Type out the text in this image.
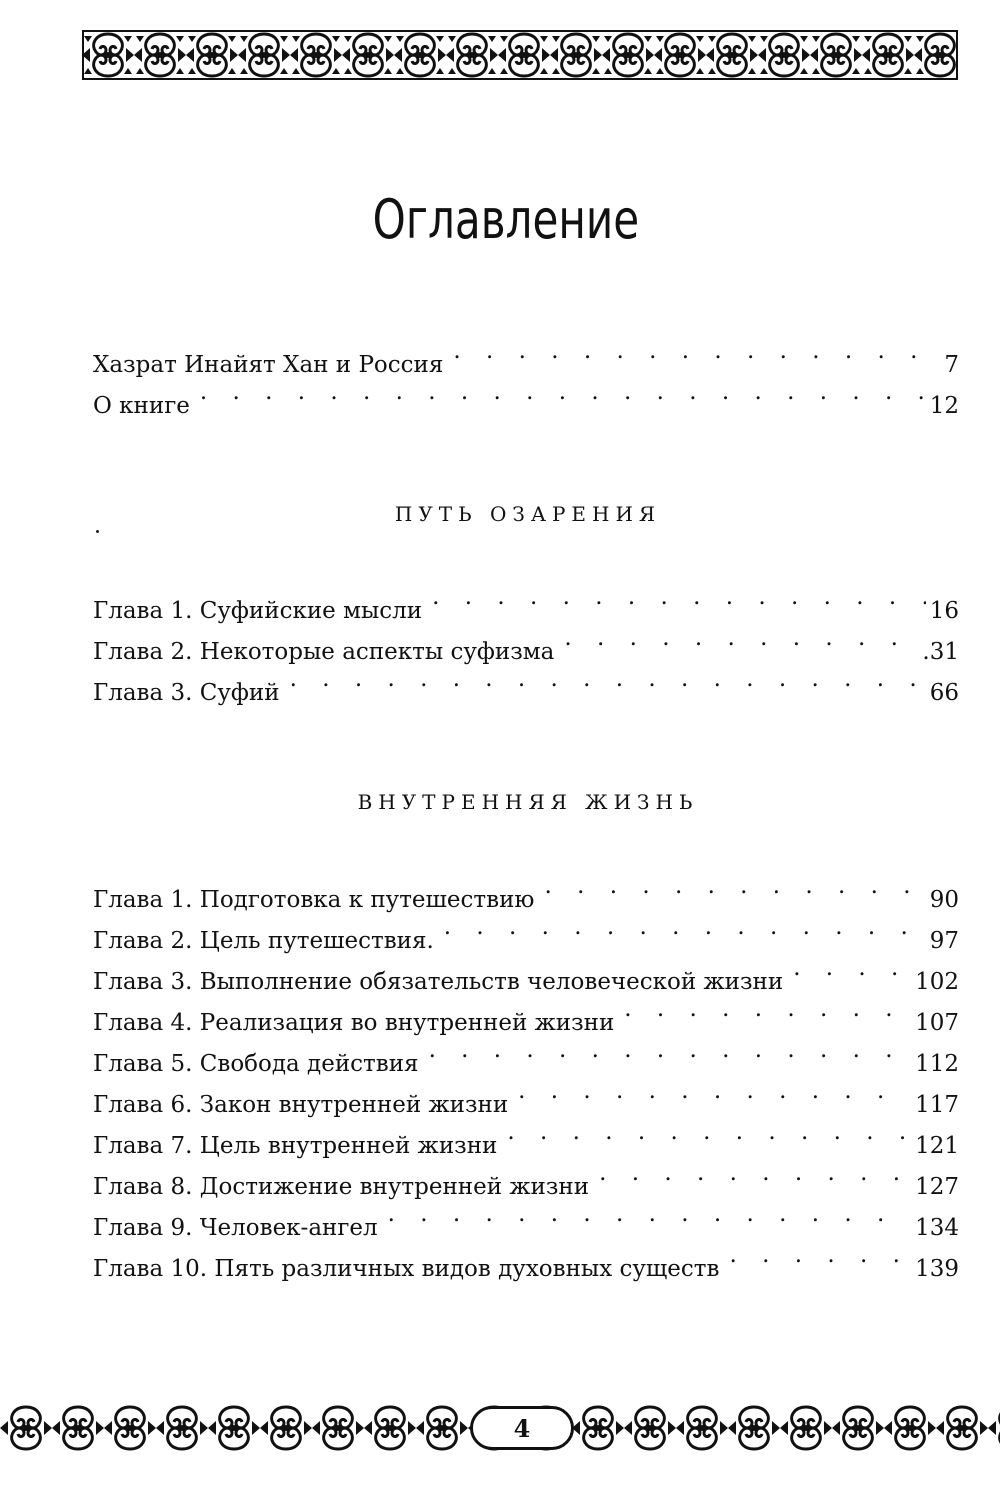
Оглавление
Хазрат Инайят Хан и Россия . . .	7
О книге . . .	12
ПУТЬ ОЗАРЕНИЯ
Глава 1. Суфийские мысли . . .	16
Глава 2. Некоторые аспекты суфизма . . .	.31
Глава 3. Суфий . . .	66
ВНУТРЕННЯЯ ЖИЗНЬ
Глава 1. Подготовка к путешествию . . .	90
Глава 2. Цель путешествия. . . .	97
Глава 3. Выполнение обязательств человеческой жизни . . .	102
Глава 4. Реализация во внутренней жизни . . .	107
Глава 5. Свобода действия . . .	112
Глава 6. Закон внутренней жизни . . .	117
Глава 7. Цель внутренней жизни . . .	121
Глава 8. Достижение внутренней жизни . . .	127
Глава 9. Человек-ангел . . .	134
Глава 10. Пять различных видов духовных существ . . .	139
4
